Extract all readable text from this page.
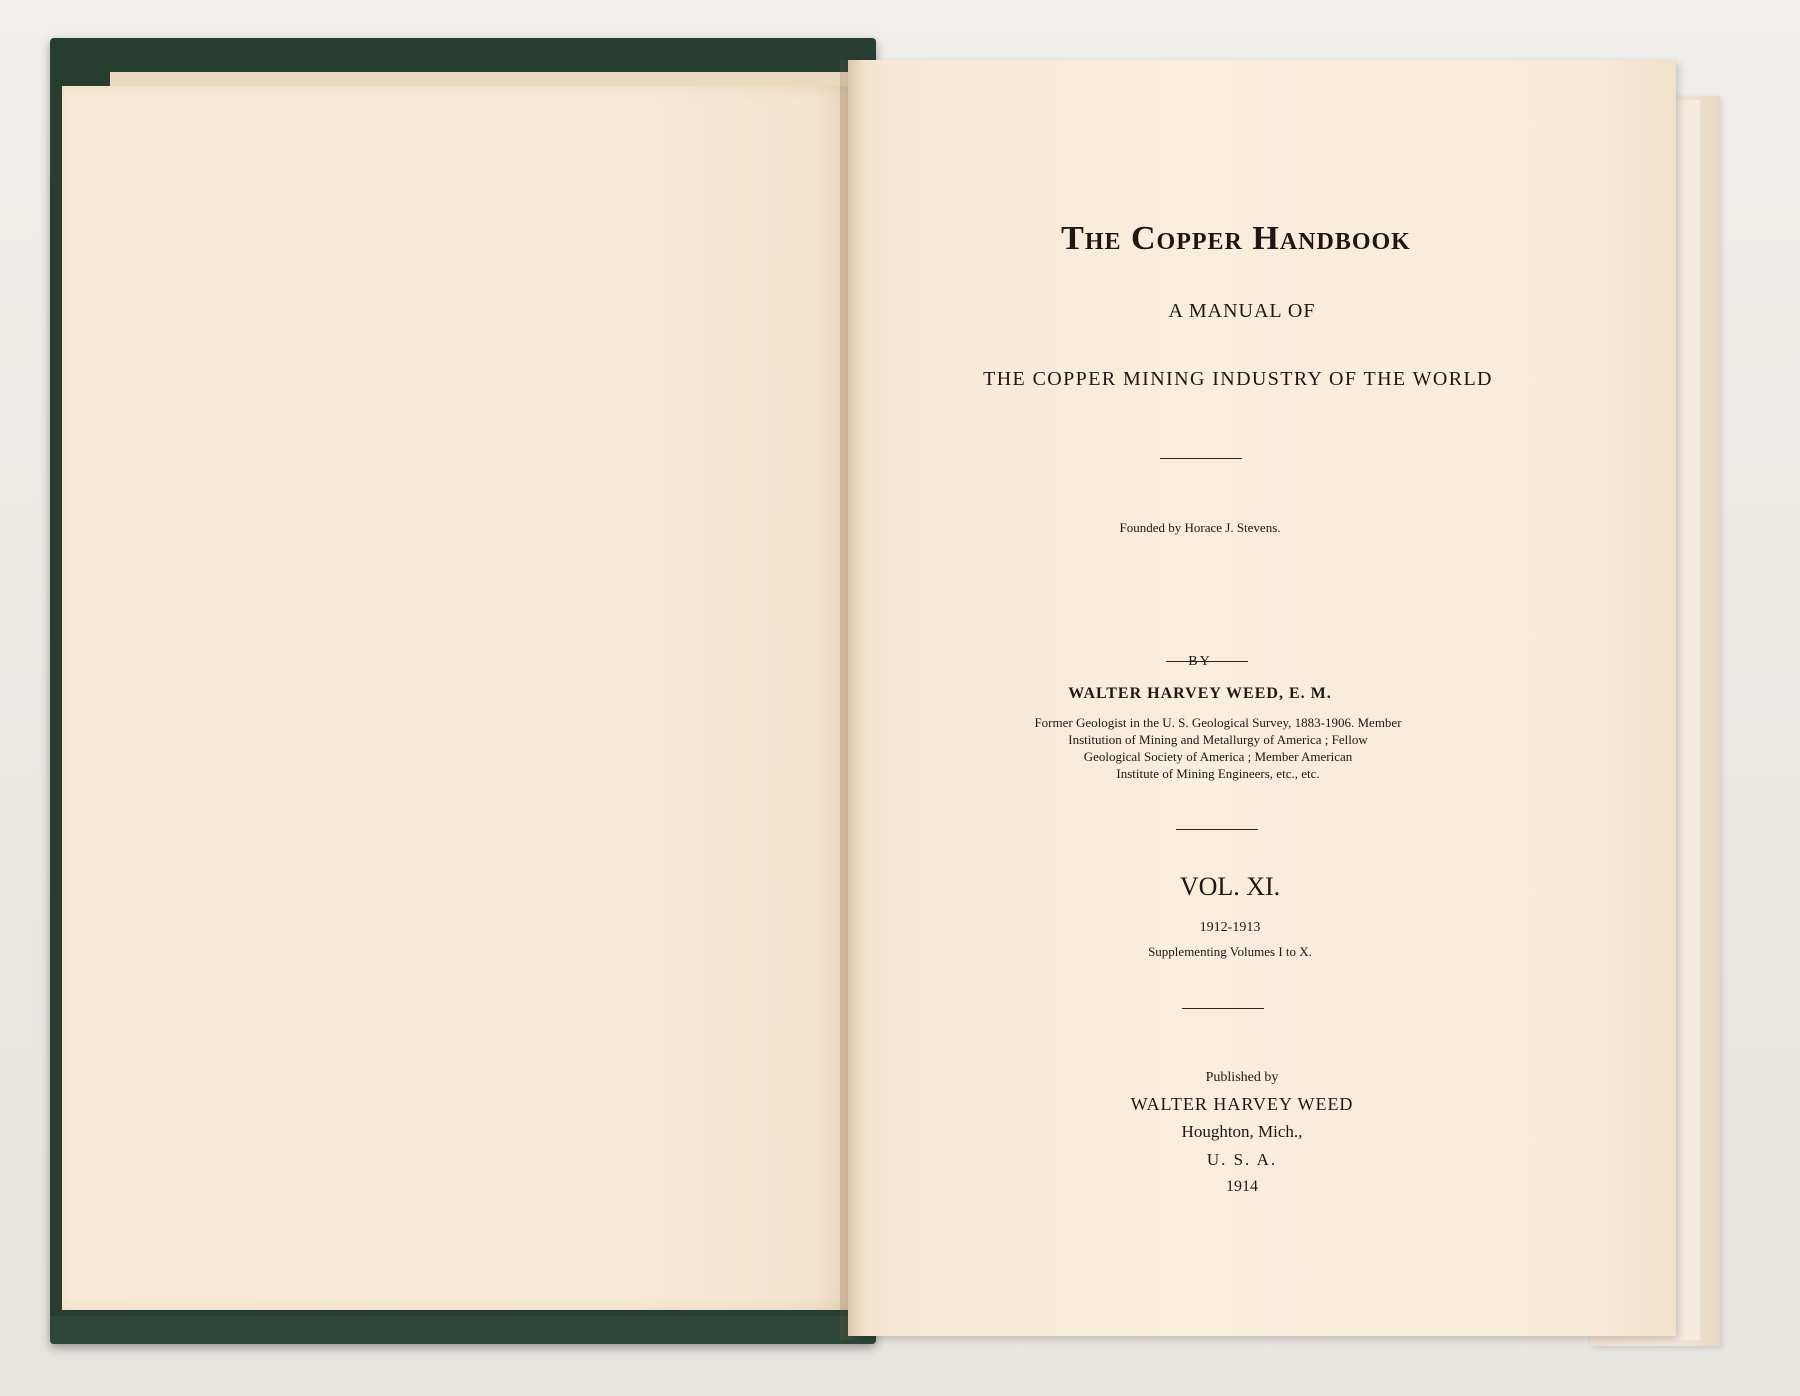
The Copper Handbook

A MANUAL OF

THE COPPER MINING INDUSTRY OF THE WORLD

Founded by Horace J. Stevens.

BY

WALTER HARVEY WEED, E. M.

Former Geologist in the U. S. Geological Survey, 1883-1906. Member
Institution of Mining and Metallurgy of America ; Fellow
Geological Society of America ; Member American
Institute of Mining Engineers, etc., etc.

VOL. XI.

1912-1913

Supplementing Volumes I to X.

Published by

WALTER HARVEY WEED

Houghton, Mich.,

U. S. A.

1914
